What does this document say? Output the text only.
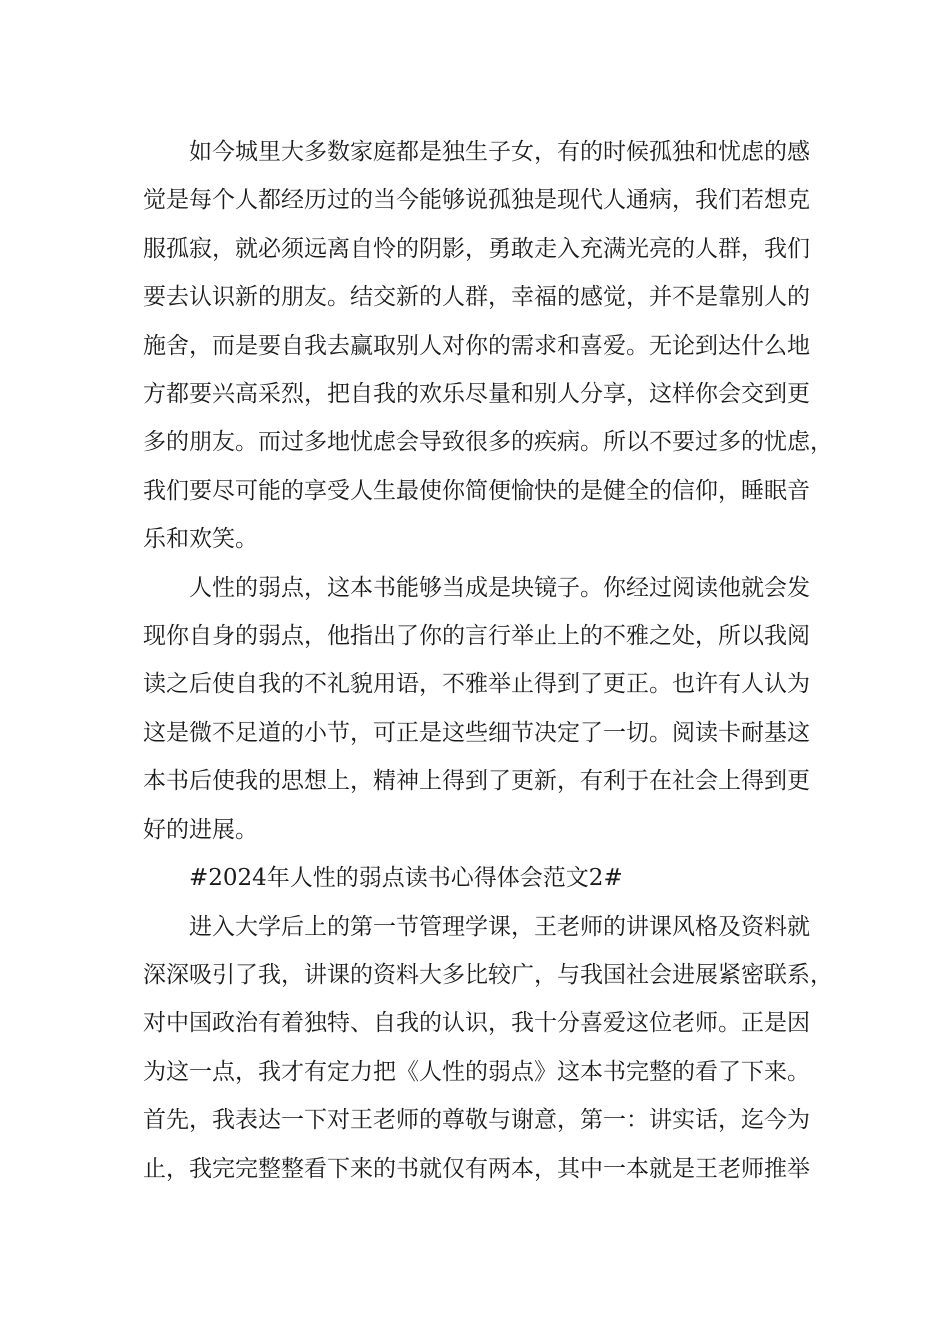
如今城里大多数家庭都是独生子女，有的时候孤独和忧虑的感
觉是每个人都经历过的当今能够说孤独是现代人通病，我们若想克
服孤寂，就必须远离自怜的阴影，勇敢走入充满光亮的人群，我们
要去认识新的朋友。结交新的人群，幸福的感觉，并不是靠别人的
施舍，而是要自我去赢取别人对你的需求和喜爱。无论到达什么地
方都要兴高采烈，把自我的欢乐尽量和别人分享，这样你会交到更
多的朋友。而过多地忧虑会导致很多的疾病。所以不要过多的忧虑，
我们要尽可能的享受人生最使你简便愉快的是健全的信仰，睡眠音
乐和欢笑。

人性的弱点，这本书能够当成是块镜子。你经过阅读他就会发
现你自身的弱点，他指出了你的言行举止上的不雅之处，所以我阅
读之后使自我的不礼貌用语，不雅举止得到了更正。也许有人认为
这是微不足道的小节，可正是这些细节决定了一切。阅读卡耐基这
本书后使我的思想上，精神上得到了更新，有利于在社会上得到更
好的进展。

#2024年人性的弱点读书心得体会范文2#

进入大学后上的第一节管理学课，王老师的讲课风格及资料就
深深吸引了我，讲课的资料大多比较广，与我国社会进展紧密联系，
对中国政治有着独特、自我的认识，我十分喜爱这位老师。正是因
为这一点，我才有定力把《人性的弱点》这本书完整的看了下来。
首先，我表达一下对王老师的尊敬与谢意，第一：讲实话，迄今为
止，我完完整整看下来的书就仅有两本，其中一本就是王老师推举
